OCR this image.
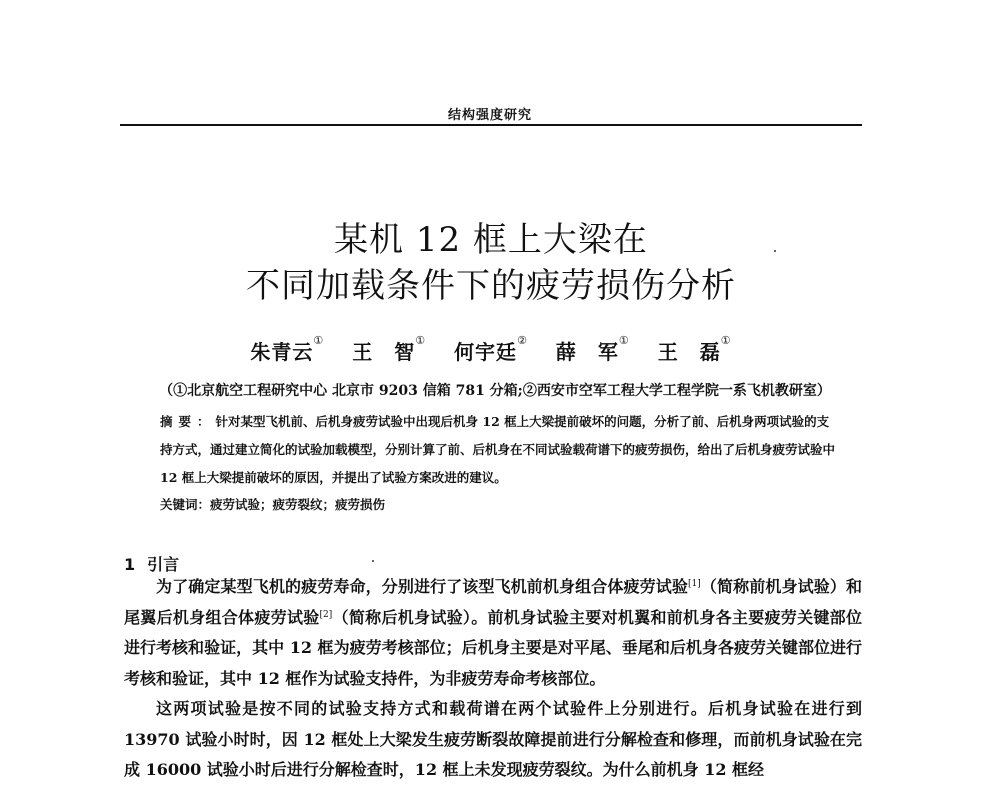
结构强度研究
某机 12 框上大梁在
不同加载条件下的疲劳损伤分析
朱青云① 王　智① 何宇廷② 薛　军① 王　磊①
（①北京航空工程研究中心 北京市 9203 信箱 781 分箱;②西安市空军工程大学工程学院一系飞机教研室）
摘要：针对某型飞机前、后机身疲劳试验中出现后机身 12 框上大梁提前破坏的问题，分析了前、后机身两项试验的支持方式，通过建立简化的试验加载模型，分别计算了前、后机身在不同试验载荷谱下的疲劳损伤，给出了后机身疲劳试验中 12 框上大梁提前破坏的原因，并提出了试验方案改进的建议。
关键词：疲劳试验；疲劳裂纹；疲劳损伤
1 引言
为了确定某型飞机的疲劳寿命，分别进行了该型飞机前机身组合体疲劳试验[1]（简称前机身试验）和尾翼后机身组合体疲劳试验[2]（简称后机身试验）。前机身试验主要对机翼和前机身各主要疲劳关键部位进行考核和验证，其中 12 框为疲劳考核部位；后机身主要是对平尾、垂尾和后机身各疲劳关键部位进行考核和验证，其中 12 框作为试验支持件，为非疲劳寿命考核部位。
这两项试验是按不同的试验支持方式和载荷谱在两个试验件上分别进行。后机身试验在进行到 13970 试验小时时，因 12 框处上大梁发生疲劳断裂故障提前进行分解检查和修理，而前机身试验在完成 16000 试验小时后进行分解检查时，12 框上未发现疲劳裂纹。为什么前机身 12 框经
